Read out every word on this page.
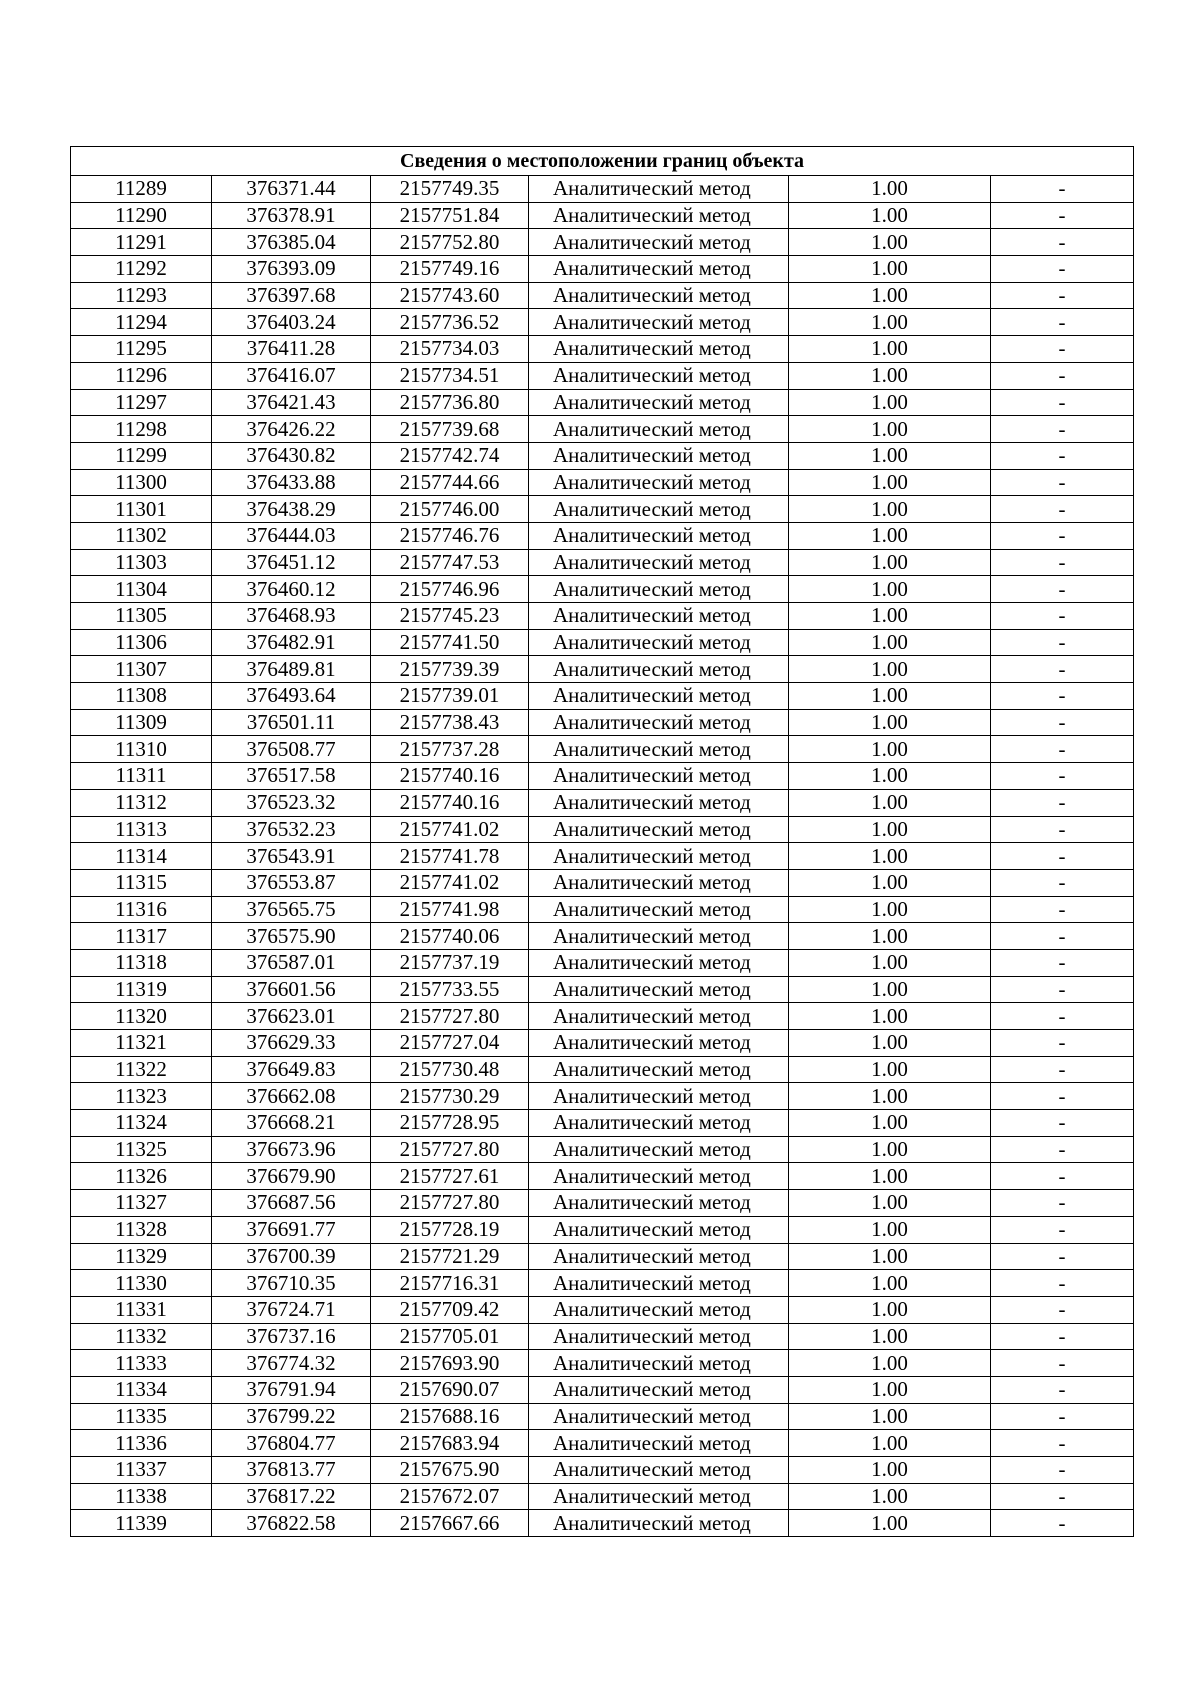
Сведения о местоположении границ объекта					
11289	376371.44	2157749.35	Аналитический метод	1.00	-
11290	376378.91	2157751.84	Аналитический метод	1.00	-
11291	376385.04	2157752.80	Аналитический метод	1.00	-
11292	376393.09	2157749.16	Аналитический метод	1.00	-
11293	376397.68	2157743.60	Аналитический метод	1.00	-
11294	376403.24	2157736.52	Аналитический метод	1.00	-
11295	376411.28	2157734.03	Аналитический метод	1.00	-
11296	376416.07	2157734.51	Аналитический метод	1.00	-
11297	376421.43	2157736.80	Аналитический метод	1.00	-
11298	376426.22	2157739.68	Аналитический метод	1.00	-
11299	376430.82	2157742.74	Аналитический метод	1.00	-
11300	376433.88	2157744.66	Аналитический метод	1.00	-
11301	376438.29	2157746.00	Аналитический метод	1.00	-
11302	376444.03	2157746.76	Аналитический метод	1.00	-
11303	376451.12	2157747.53	Аналитический метод	1.00	-
11304	376460.12	2157746.96	Аналитический метод	1.00	-
11305	376468.93	2157745.23	Аналитический метод	1.00	-
11306	376482.91	2157741.50	Аналитический метод	1.00	-
11307	376489.81	2157739.39	Аналитический метод	1.00	-
11308	376493.64	2157739.01	Аналитический метод	1.00	-
11309	376501.11	2157738.43	Аналитический метод	1.00	-
11310	376508.77	2157737.28	Аналитический метод	1.00	-
11311	376517.58	2157740.16	Аналитический метод	1.00	-
11312	376523.32	2157740.16	Аналитический метод	1.00	-
11313	376532.23	2157741.02	Аналитический метод	1.00	-
11314	376543.91	2157741.78	Аналитический метод	1.00	-
11315	376553.87	2157741.02	Аналитический метод	1.00	-
11316	376565.75	2157741.98	Аналитический метод	1.00	-
11317	376575.90	2157740.06	Аналитический метод	1.00	-
11318	376587.01	2157737.19	Аналитический метод	1.00	-
11319	376601.56	2157733.55	Аналитический метод	1.00	-
11320	376623.01	2157727.80	Аналитический метод	1.00	-
11321	376629.33	2157727.04	Аналитический метод	1.00	-
11322	376649.83	2157730.48	Аналитический метод	1.00	-
11323	376662.08	2157730.29	Аналитический метод	1.00	-
11324	376668.21	2157728.95	Аналитический метод	1.00	-
11325	376673.96	2157727.80	Аналитический метод	1.00	-
11326	376679.90	2157727.61	Аналитический метод	1.00	-
11327	376687.56	2157727.80	Аналитический метод	1.00	-
11328	376691.77	2157728.19	Аналитический метод	1.00	-
11329	376700.39	2157721.29	Аналитический метод	1.00	-
11330	376710.35	2157716.31	Аналитический метод	1.00	-
11331	376724.71	2157709.42	Аналитический метод	1.00	-
11332	376737.16	2157705.01	Аналитический метод	1.00	-
11333	376774.32	2157693.90	Аналитический метод	1.00	-
11334	376791.94	2157690.07	Аналитический метод	1.00	-
11335	376799.22	2157688.16	Аналитический метод	1.00	-
11336	376804.77	2157683.94	Аналитический метод	1.00	-
11337	376813.77	2157675.90	Аналитический метод	1.00	-
11338	376817.22	2157672.07	Аналитический метод	1.00	-
11339	376822.58	2157667.66	Аналитический метод	1.00	-
